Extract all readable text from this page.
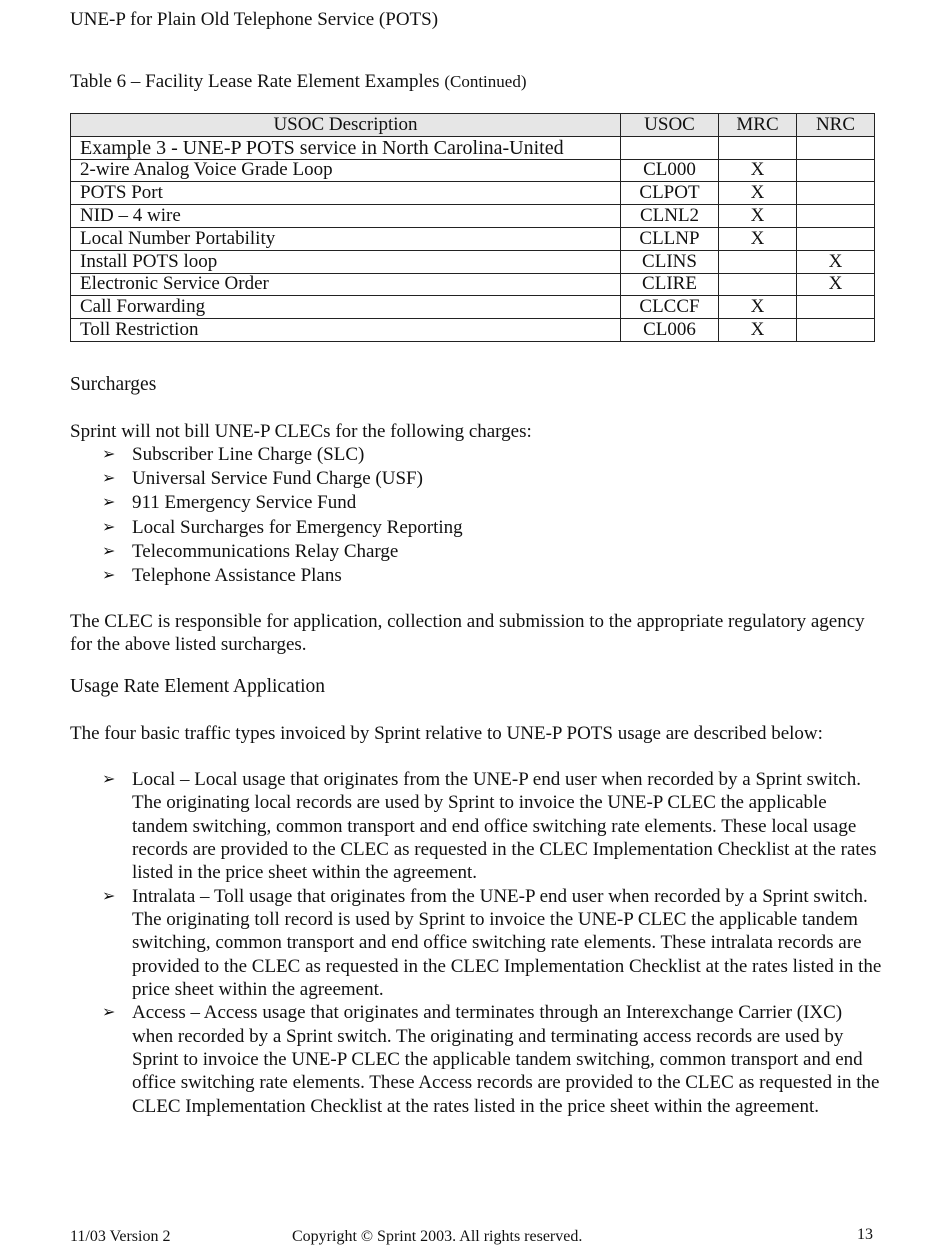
UNE-P for Plain Old Telephone Service (POTS)
Table 6 – Facility Lease Rate Element Examples (Continued)
USOC Description	USOC	MRC	NRC
Example 3 - UNE-P POTS service in North Carolina-United			
2-wire Analog Voice Grade Loop	CL000	X	
POTS Port	CLPOT	X	
NID – 4 wire	CLNL2	X	
Local Number Portability	CLLNP	X	
Install POTS loop	CLINS		X
Electronic Service Order	CLIRE		X
Call Forwarding	CLCCF	X	
Toll Restriction	CL006	X	
Surcharges
Sprint will not bill UNE-P CLECs for the following charges:
➢ Subscriber Line Charge (SLC)
➢ Universal Service Fund Charge (USF)
➢ 911 Emergency Service Fund
➢ Local Surcharges for Emergency Reporting
➢ Telecommunications Relay Charge
➢ Telephone Assistance Plans
The CLEC is responsible for application, collection and submission to the appropriate regulatory agency for the above listed surcharges.
Usage Rate Element Application
The four basic traffic types invoiced by Sprint relative to UNE-P POTS usage are described below:
➢ Local – Local usage that originates from the UNE-P end user when recorded by a Sprint switch. The originating local records are used by Sprint to invoice the UNE-P CLEC the applicable tandem switching, common transport and end office switching rate elements. These local usage records are provided to the CLEC as requested in the CLEC Implementation Checklist at the rates listed in the price sheet within the agreement.
➢ Intralata – Toll usage that originates from the UNE-P end user when recorded by a Sprint switch. The originating toll record is used by Sprint to invoice the UNE-P CLEC the applicable tandem switching, common transport and end office switching rate elements. These intralata records are provided to the CLEC as requested in the CLEC Implementation Checklist at the rates listed in the price sheet within the agreement.
➢ Access – Access usage that originates and terminates through an Interexchange Carrier (IXC) when recorded by a Sprint switch. The originating and terminating access records are used by Sprint to invoice the UNE-P CLEC the applicable tandem switching, common transport and end office switching rate elements. These Access records are provided to the CLEC as requested in the CLEC Implementation Checklist at the rates listed in the price sheet within the agreement.
11/03 Version 2	Copyright © Sprint 2003. All rights reserved.	13
